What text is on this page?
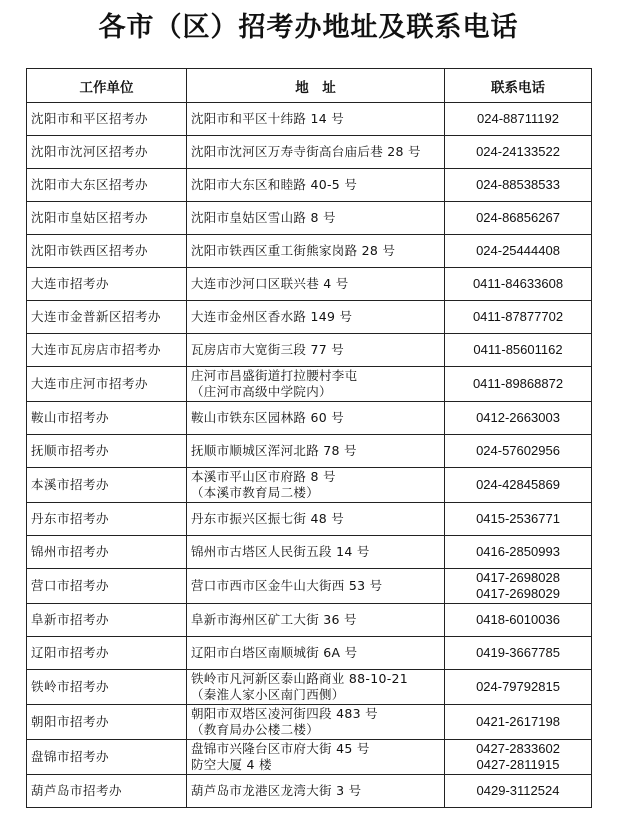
各市（区）招考办地址及联系电话
工作单位	地　址	联系电话
沈阳市和平区招考办	沈阳市和平区十纬路 14 号	024-88711192

沈阳市沈河区招考办	沈阳市沈河区万寿寺街高台庙后巷 28 号	024-24133522

沈阳市大东区招考办	沈阳市大东区和睦路 40-5 号	024-88538533

沈阳市皇姑区招考办	沈阳市皇姑区雪山路 8 号	024-86856267

沈阳市铁西区招考办	沈阳市铁西区重工街熊家岗路 28 号	024-25444408

大连市招考办	大连市沙河口区联兴巷 4 号	0411-84633608

大连市金普新区招考办	大连市金州区香水路 149 号	0411-87877702

大连市瓦房店市招考办	瓦房店市大宽街三段 77 号	0411-85601162

大连市庄河市招考办	庄河市昌盛街道打拉腰村李屯
（庄河市高级中学院内）	0411-89868872

鞍山市招考办	鞍山市铁东区园林路 60 号	0412-2663003

抚顺市招考办	抚顺市顺城区浑河北路 78 号	024-57602956

本溪市招考办	本溪市平山区市府路 8 号
（本溪市教育局二楼）	024-42845869

丹东市招考办	丹东市振兴区振七街 48 号	0415-2536771

锦州市招考办	锦州市古塔区人民街五段 14 号	0416-2850993

营口市招考办	营口市西市区金牛山大街西 53 号	0417-2698028
0417-2698029

阜新市招考办	阜新市海州区矿工大街 36 号	0418-6010036

辽阳市招考办	辽阳市白塔区南顺城街 6A 号	0419-3667785

铁岭市招考办	铁岭市凡河新区泰山路商业 88-10-21
（秦淮人家小区南门西侧）	024-79792815

朝阳市招考办	朝阳市双塔区凌河街四段 483 号
（教育局办公楼二楼）	0421-2617198

盘锦市招考办	盘锦市兴隆台区市府大街 45 号
防空大厦 4 楼	0427-2833602
0427-2811915

葫芦岛市招考办	葫芦岛市龙港区龙湾大街 3 号	0429-3112524
